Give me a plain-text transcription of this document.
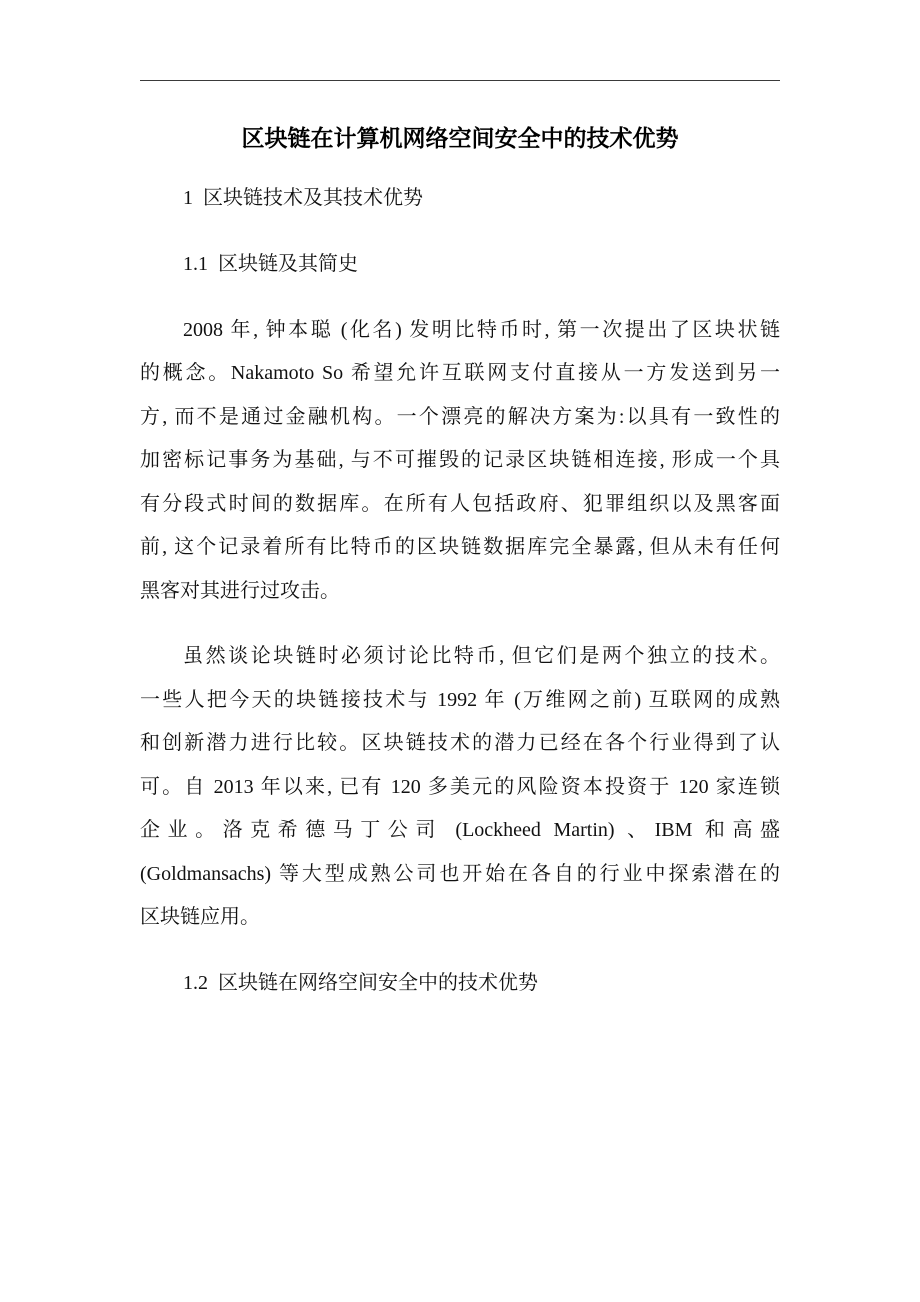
区块链在计算机网络空间安全中的技术优势
1  区块链技术及其技术优势
1.1  区块链及其简史
2008 年, 钟本聪 (化名) 发明比特币时, 第一次提出了区块状链
的概念。Nakamoto So 希望允许互联网支付直接从一方发送到另一
方, 而不是通过金融机构。一个漂亮的解决方案为:以具有一致性的
加密标记事务为基础, 与不可摧毁的记录区块链相连接, 形成一个具
有分段式时间的数据库。在所有人包括政府、犯罪组织以及黑客面
前, 这个记录着所有比特币的区块链数据库完全暴露, 但从未有任何
黑客对其进行过攻击。
虽然谈论块链时必须讨论比特币, 但它们是两个独立的技术。
一些人把今天的块链接技术与 1992 年 (万维网之前) 互联网的成熟
和创新潜力进行比较。区块链技术的潜力已经在各个行业得到了认
可。自 2013 年以来, 已有 120 多美元的风险资本投资于 120 家连锁
企业。洛克希德马丁公司 (Lockheed Martin) 、IBM 和高盛
(Goldmansachs) 等大型成熟公司也开始在各自的行业中探索潜在的
区块链应用。
1.2  区块链在网络空间安全中的技术优势
